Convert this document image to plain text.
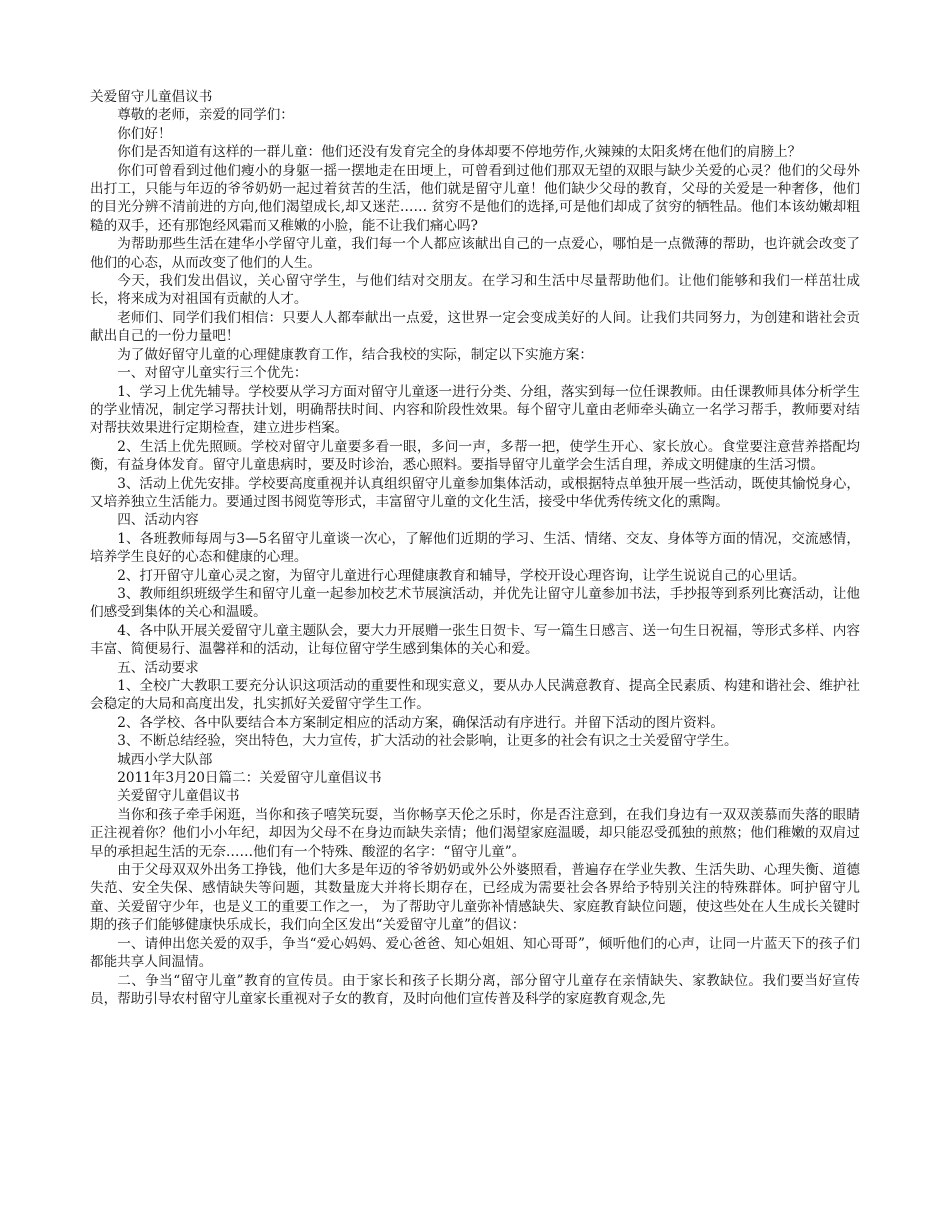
关爱留守儿童倡议书

尊敬的老师，亲爱的同学们：

你们好！

你们是否知道有这样的一群儿童：他们还没有发育完全的身体却要不停地劳作,火辣辣的太阳炙烤在他们的肩膀上？

你们可曾看到过他们瘦小的身躯一摇一摆地走在田埂上，可曾看到过他们那双无望的双眼与缺少关爱的心灵？他们的父母外出打工，只能与年迈的爷爷奶奶一起过着贫苦的生活，他们就是留守儿童！他们缺少父母的教育，父母的关爱是一种奢侈，他们的目光分辨不清前进的方向,他们渴望成长,却又迷茫…… 贫穷不是他们的选择,可是他们却成了贫穷的牺牲品。他们本该幼嫩却粗糙的双手，还有那饱经风霜而又稚嫩的小脸，能不让我们痛心吗?

为帮助那些生活在建华小学留守儿童，我们每一个人都应该献出自己的一点爱心，哪怕是一点微薄的帮助，也许就会改变了他们的心态，从而改变了他们的人生。

今天，我们发出倡议，关心留守学生，与他们结对交朋友。在学习和生活中尽量帮助他们。让他们能够和我们一样茁壮成长，将来成为对祖国有贡献的人才。

老师们、同学们我们相信：只要人人都奉献出一点爱，这世界一定会变成美好的人间。让我们共同努力，为创建和谐社会贡献出自己的一份力量吧！

为了做好留守儿童的心理健康教育工作，结合我校的实际，制定以下实施方案：

一、对留守儿童实行三个优先：

1、学习上优先辅导。学校要从学习方面对留守儿童逐一进行分类、分组，落实到每一位任课教师。由任课教师具体分析学生的学业情况，制定学习帮扶计划，明确帮扶时间、内容和阶段性效果。每个留守儿童由老师牵头确立一名学习帮手，教师要对结对帮扶效果进行定期检查，建立进步档案。

2、生活上优先照顾。学校对留守儿童要多看一眼，多问一声，多帮一把，使学生开心、家长放心。食堂要注意营养搭配均衡，有益身体发育。留守儿童患病时，要及时诊治，悉心照料。要指导留守儿童学会生活自理，养成文明健康的生活习惯。

3、活动上优先安排。学校要高度重视并认真组织留守儿童参加集体活动，或根据特点单独开展一些活动，既使其愉悦身心，又培养独立生活能力。要通过图书阅览等形式，丰富留守儿童的文化生活，接受中华优秀传统文化的熏陶。

四、活动内容

1、各班教师每周与3—5名留守儿童谈一次心，了解他们近期的学习、生活、情绪、交友、身体等方面的情况，交流感情，培养学生良好的心态和健康的心理。

2、打开留守儿童心灵之窗，为留守儿童进行心理健康教育和辅导，学校开设心理咨询，让学生说说自己的心里话。

3、教师组织班级学生和留守儿童一起参加校艺术节展演活动，并优先让留守儿童参加书法，手抄报等到系列比赛活动，让他们感受到集体的关心和温暖。

4、各中队开展关爱留守儿童主题队会，要大力开展赠一张生日贺卡、写一篇生日感言、送一句生日祝福，等形式多样、内容丰富、简便易行、温馨祥和的活动，让每位留守学生感到集体的关心和爱。

五、活动要求

1、全校广大教职工要充分认识这项活动的重要性和现实意义，要从办人民满意教育、提高全民素质、构建和谐社会、维护社会稳定的大局和高度出发，扎实抓好关爱留守学生工作。

2、各学校、各中队要结合本方案制定相应的活动方案，确保活动有序进行。并留下活动的图片资料。

3、不断总结经验，突出特色，大力宣传，扩大活动的社会影响，让更多的社会有识之士关爱留守学生。

城西小学大队部

2011年3月20日篇二：关爱留守儿童倡议书

关爱留守儿童倡议书

当你和孩子牵手闲逛，当你和孩子嘻笑玩耍，当你畅享天伦之乐时，你是否注意到，在我们身边有一双双羡慕而失落的眼睛正注视着你？他们小小年纪，却因为父母不在身边而缺失亲情；他们渴望家庭温暖，却只能忍受孤独的煎熬；他们稚嫩的双肩过早的承担起生活的无奈……他们有一个特殊、酸涩的名字：“留守儿童”。

由于父母双双外出务工挣钱，他们大多是年迈的爷爷奶奶或外公外婆照看，普遍存在学业失教、生活失助、心理失衡、道德失范、安全失保、感情缺失等问题，其数量庞大并将长期存在，已经成为需要社会各界给予特别关注的特殊群体。呵护留守儿童、关爱留守少年，也是义工的重要工作之一， 为了帮助守儿童弥补情感缺失、家庭教育缺位问题，使这些处在人生成长关键时期的孩子们能够健康快乐成长，我们向全区发出“关爱留守儿童”的倡议：

一、请伸出您关爱的双手，争当“爱心妈妈、爱心爸爸、知心姐姐、知心哥哥”，倾听他们的心声，让同一片蓝天下的孩子们都能共享人间温情。

二、争当“留守儿童”教育的宣传员。由于家长和孩子长期分离，部分留守儿童存在亲情缺失、家教缺位。我们要当好宣传员，帮助引导农村留守儿童家长重视对子女的教育，及时向他们宣传普及科学的家庭教育观念,先
